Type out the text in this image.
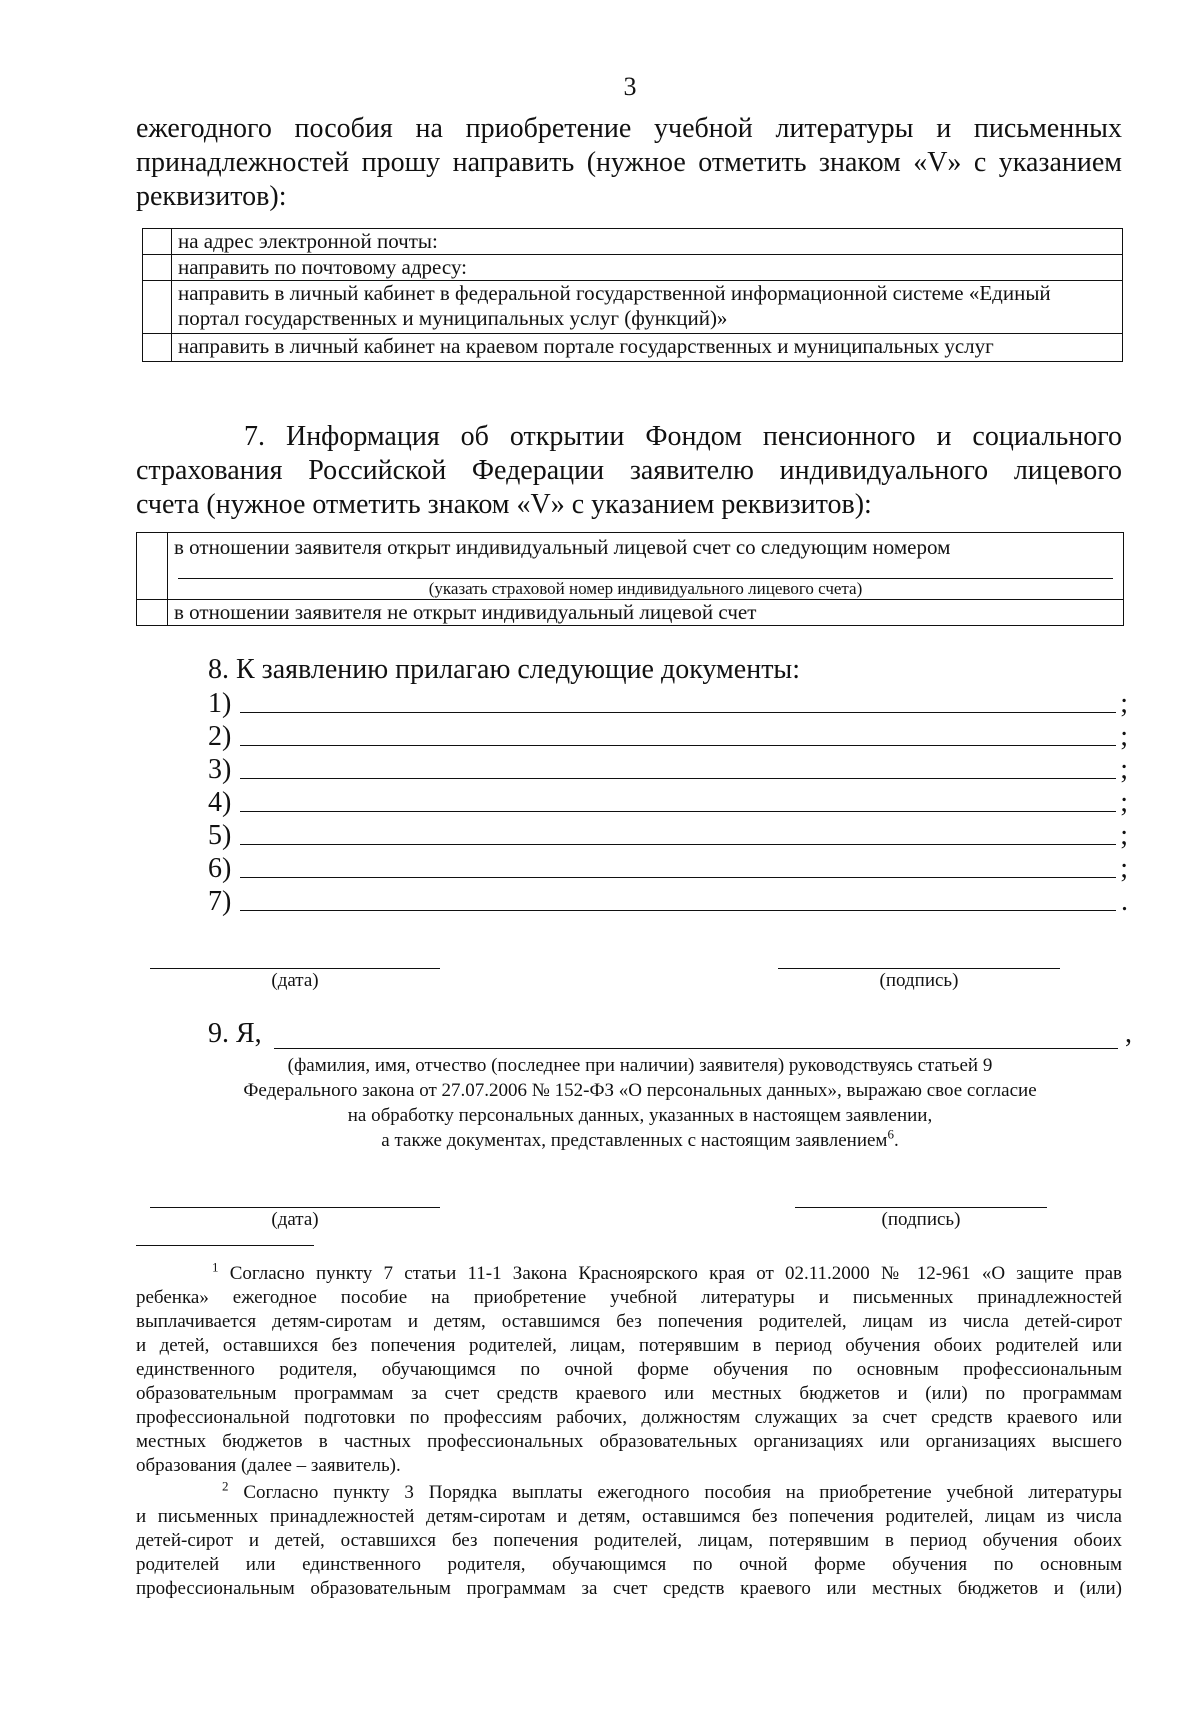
3
ежегодного пособия на приобретение учебной литературы и письменных
принадлежностей прошу направить (нужное отметить знаком «V» с указанием
реквизитов):
	на адрес электронной почты:
	направить по почтовому адресу:
	направить в личный кабинет в федеральной государственной информационной системе «Единый портал государственных и муниципальных услуг (функций)»
	направить в личный кабинет на краевом портале государственных и муниципальных услуг
7. Информация об открытии Фондом пенсионного и социального
страхования Российской Федерации заявителю индивидуального лицевого
счета (нужное отметить знаком «V» с указанием реквизитов):

	в отношении заявителя открыт индивидуальный лицевой счет со следующим номером
(указать страховой номер индивидуального лицевого счета)

	в отношении заявителя не открыт индивидуальный лицевой счет
8. К заявлению прилагаю следующие документы:
1)	;
2)	;
3)	;
4)	;
5)	;
6)	;
7)	.
(дата)	(подпись)
9. Я,	,
(фамилия, имя, отчество (последнее при наличии) заявителя) руководствуясь статьей 9
Федерального закона от 27.07.2006 № 152-ФЗ «О персональных данных», выражаю свое согласие
на обработку персональных данных, указанных в настоящем заявлении,
а также документах, представленных с настоящим заявлением$^6$.
(дата)	(подпись)
$^1$ Согласно пункту 7 статьи 11-1 Закона Красноярского края от 02.11.2000 № 12-961 «О защите прав
ребенка» ежегодное пособие на приобретение учебной литературы и письменных принадлежностей
выплачивается детям-сиротам и детям, оставшимся без попечения родителей, лицам из числа детей-сирот
и детей, оставшихся без попечения родителей, лицам, потерявшим в период обучения обоих родителей или
единственного родителя, обучающимся по очной форме обучения по основным профессиональным
образовательным программам за счет средств краевого или местных бюджетов и (или) по программам
профессиональной подготовки по профессиям рабочих, должностям служащих за счет средств краевого или
местных бюджетов в частных профессиональных образовательных организациях или организациях высшего
образования (далее – заявитель).
$^2$ Согласно пункту 3 Порядка выплаты ежегодного пособия на приобретение учебной литературы
и письменных принадлежностей детям-сиротам и детям, оставшимся без попечения родителей, лицам из числа
детей-сирот и детей, оставшихся без попечения родителей, лицам, потерявшим в период обучения обоих
родителей или единственного родителя, обучающимся по очной форме обучения по основным
профессиональным образовательным программам за счет средств краевого или местных бюджетов и (или)
